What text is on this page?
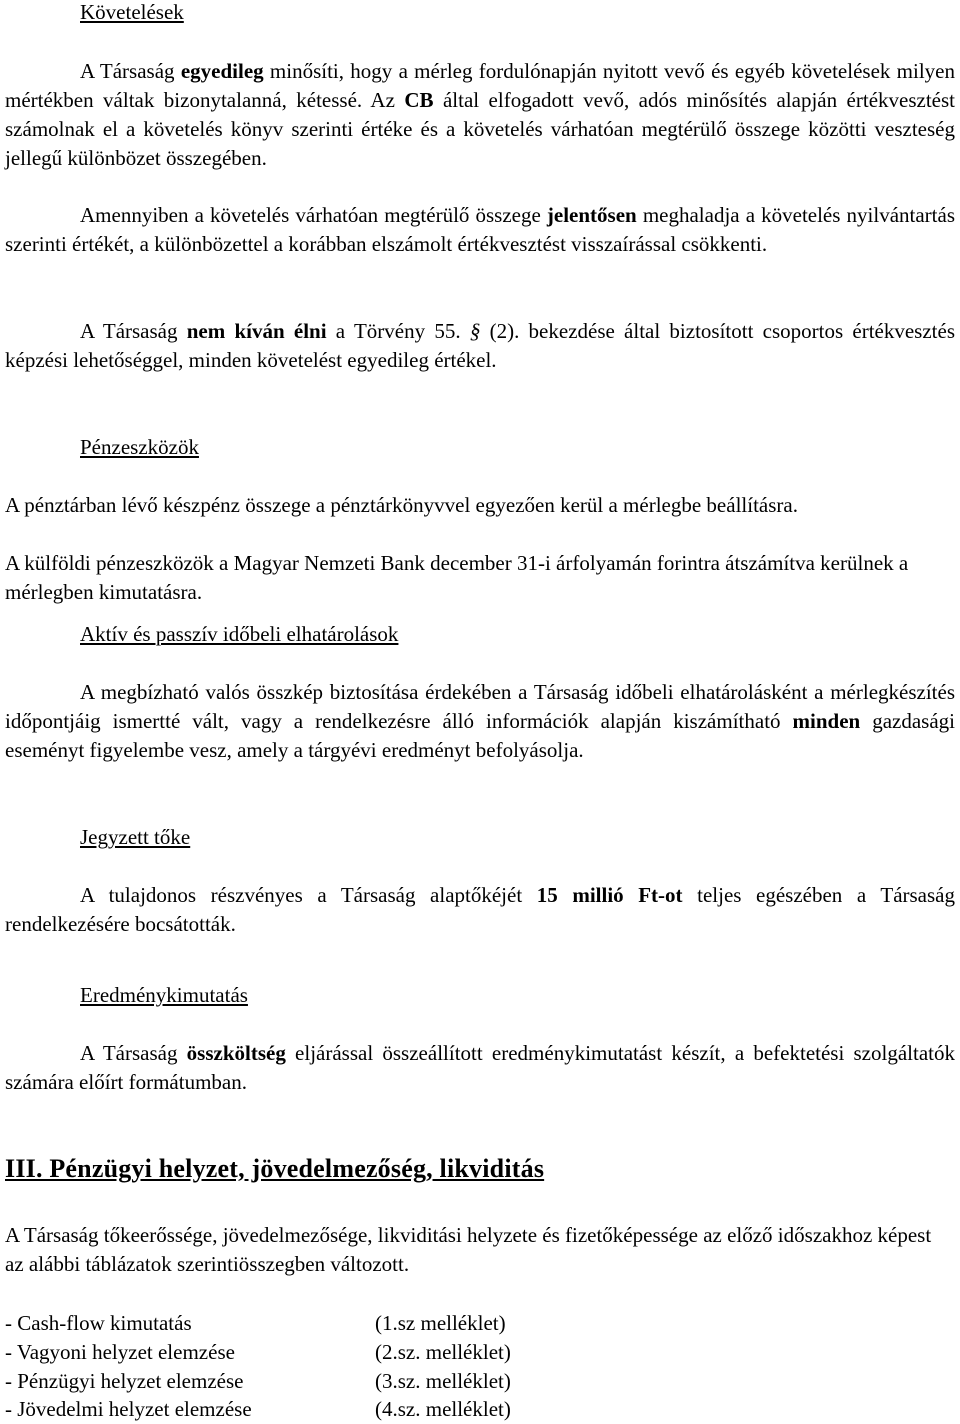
Követelések

A Társaság egyedileg minősíti, hogy a mérleg fordulónapján nyitott vevő és egyéb követelések milyen mértékben váltak bizonytalanná, kétessé. Az CB által elfogadott vevő, adós minősítés alapján értékvesztést számolnak el a követelés könyv szerinti értéke és a követelés várhatóan megtérülő összege közötti veszteség jellegű különbözet összegében.

Amennyiben a követelés várhatóan megtérülő összege jelentősen meghaladja a követelés nyilvántartás szerinti értékét, a különbözettel a korábban elszámolt értékvesztést visszaírással csökkenti.

A Társaság nem kíván élni a Törvény 55. § (2). bekezdése által biztosított csoportos értékvesztés képzési lehetőséggel, minden követelést egyedileg értékel.

Pénzeszközök

A pénztárban lévő készpénz összege a pénztárkönyvvel egyezően kerül a mérlegbe beállításra.

A külföldi pénzeszközök a Magyar Nemzeti Bank december 31-i árfolyamán forintra átszámítva kerülnek a mérlegben kimutatásra.

Aktív és passzív időbeli elhatárolások

A megbízható valós összkép biztosítása érdekében a Társaság időbeli elhatárolásként a mérlegkészítés időpontjáig ismertté vált, vagy a rendelkezésre álló információk alapján kiszámítható minden gazdasági eseményt figyelembe vesz, amely a tárgyévi eredményt befolyásolja.

Jegyzett tőke

A tulajdonos részvényes a Társaság alaptőkéjét 15 millió Ft-ot teljes egészében a Társaság rendelkezésére bocsátották.

Eredménykimutatás

A Társaság összköltség eljárással összeállított eredménykimutatást készít, a befektetési szolgáltatók számára előírt formátumban.

III. Pénzügyi helyzet, jövedelmezőség, likviditás

A Társaság tőkeerőssége, jövedelmezősége, likviditási helyzete és fizetőképessége az előző időszakhoz képest az alábbi táblázatok szerintiösszegben változott.

- Cash-flow kimutatás	(1.sz melléklet)
- Vagyoni helyzet elemzése	(2.sz. melléklet)
- Pénzügyi helyzet elemzése	(3.sz. melléklet)
- Jövedelmi helyzet elemzése	(4.sz. melléklet)
